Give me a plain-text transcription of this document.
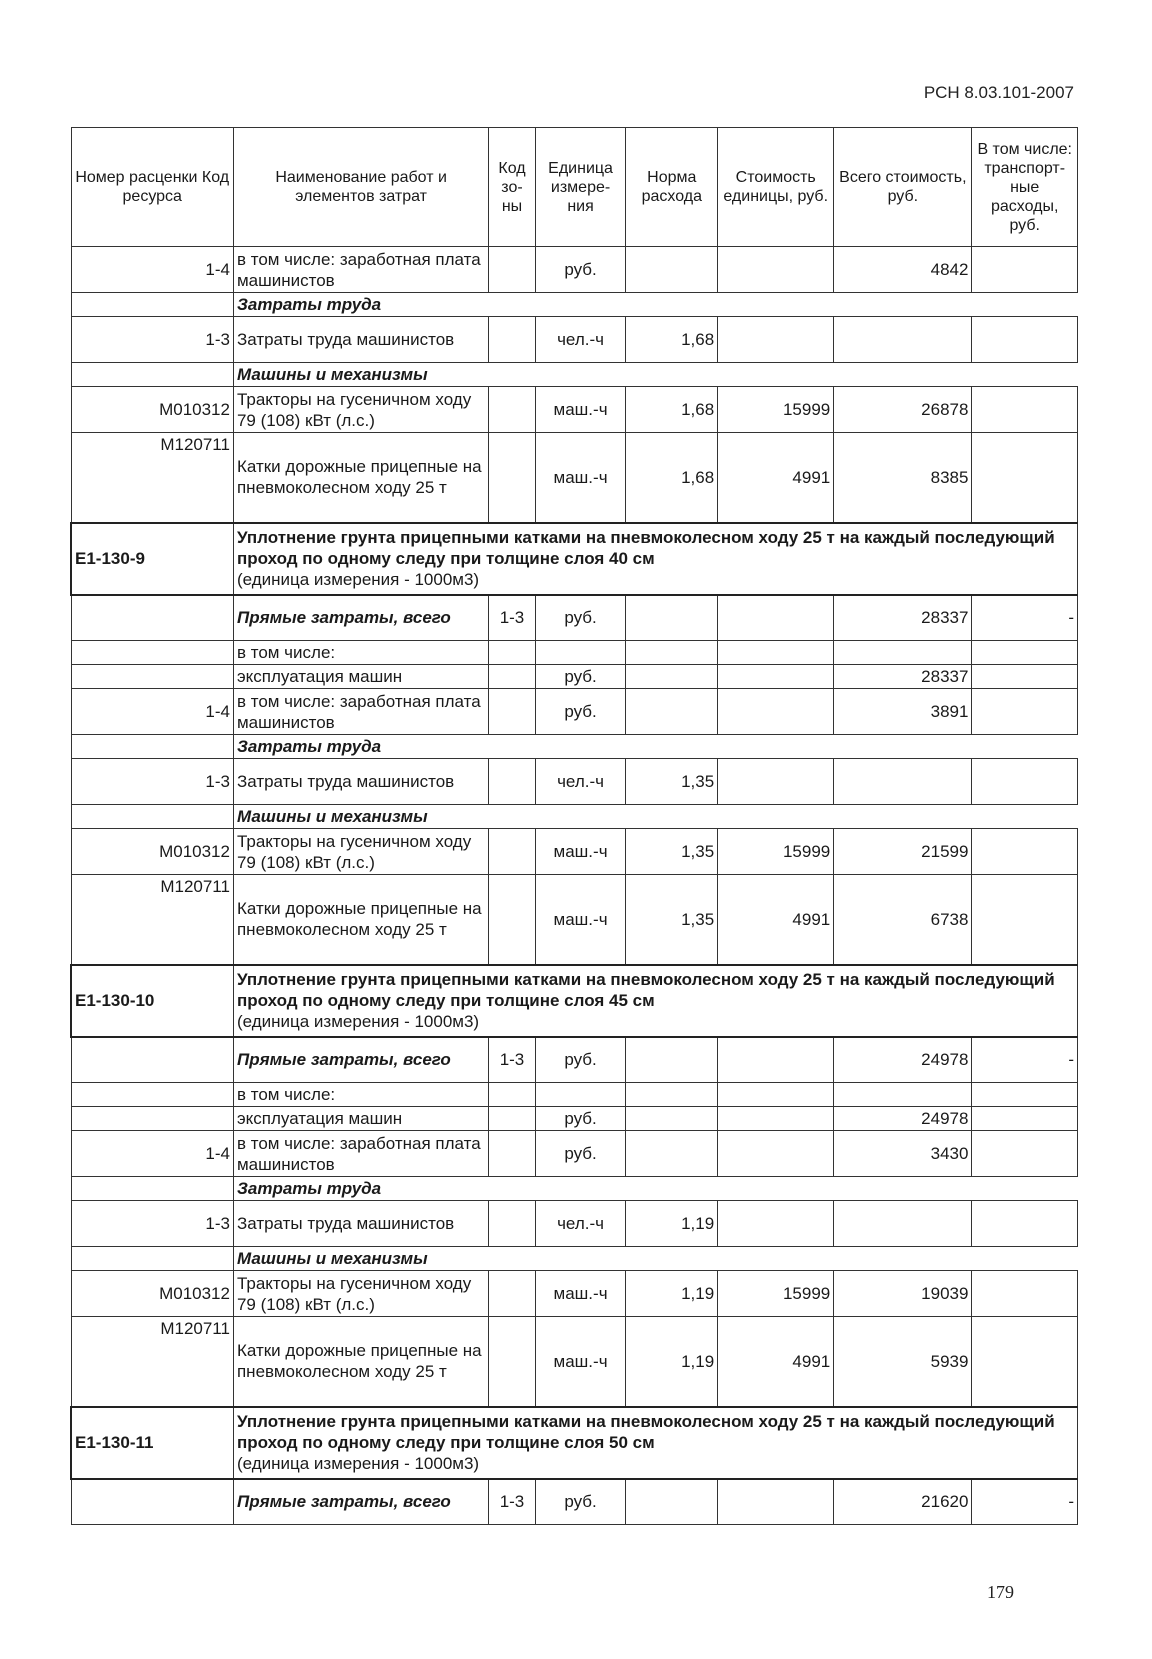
РСН 8.03.101-2007
Номер расценки Код ресурса	Наименование работ и элементов затрат	Код зо-ны	Единица измере-ния	Норма расхода	Стоимость единицы, руб.	Всего стоимость, руб.	В том числе: транспорт-ные расходы, руб.
1-4	в том числе: заработная плата машинистов		руб.			4842	
	Затраты труда						
1-3	Затраты труда машинистов		чел.-ч	1,68			
	Машины и механизмы						
М010312	Тракторы на гусеничном ходу 79 (108) кВт (л.с.)		маш.-ч	1,68	15999	26878	
М120711	Катки дорожные прицепные на пневмоколесном ходу 25 т		маш.-ч	1,68	4991	8385	
Е1-130-9	Уплотнение грунта прицепными катками на пневмоколесном ходу 25 т на каждый последующий проход по одному следу при толщине слоя 40 см
(единица измерения - 1000м3)						

	Прямые затраты, всего	1-3	руб.			28337	-
	в том числе:						
	эксплуатация машин		руб.			28337	
1-4	в том числе: заработная плата машинистов		руб.			3891	
	Затраты труда						
1-3	Затраты труда машинистов		чел.-ч	1,35			
	Машины и механизмы						
М010312	Тракторы на гусеничном ходу 79 (108) кВт (л.с.)		маш.-ч	1,35	15999	21599	
М120711	Катки дорожные прицепные на пневмоколесном ходу 25 т		маш.-ч	1,35	4991	6738	
Е1-130-10	Уплотнение грунта прицепными катками на пневмоколесном ходу 25 т на каждый последующий проход по одному следу при толщине слоя 45 см
(единица измерения - 1000м3)						

	Прямые затраты, всего	1-3	руб.			24978	-
	в том числе:						
	эксплуатация машин		руб.			24978	
1-4	в том числе: заработная плата машинистов		руб.			3430	
	Затраты труда						
1-3	Затраты труда машинистов		чел.-ч	1,19			
	Машины и механизмы						
М010312	Тракторы на гусеничном ходу 79 (108) кВт (л.с.)		маш.-ч	1,19	15999	19039	
М120711	Катки дорожные прицепные на пневмоколесном ходу 25 т		маш.-ч	1,19	4991	5939	
Е1-130-11	Уплотнение грунта прицепными катками на пневмоколесном ходу 25 т на каждый последующий проход по одному следу при толщине слоя 50 см
(единица измерения - 1000м3)						

	Прямые затраты, всего	1-3	руб.			21620	-
179
